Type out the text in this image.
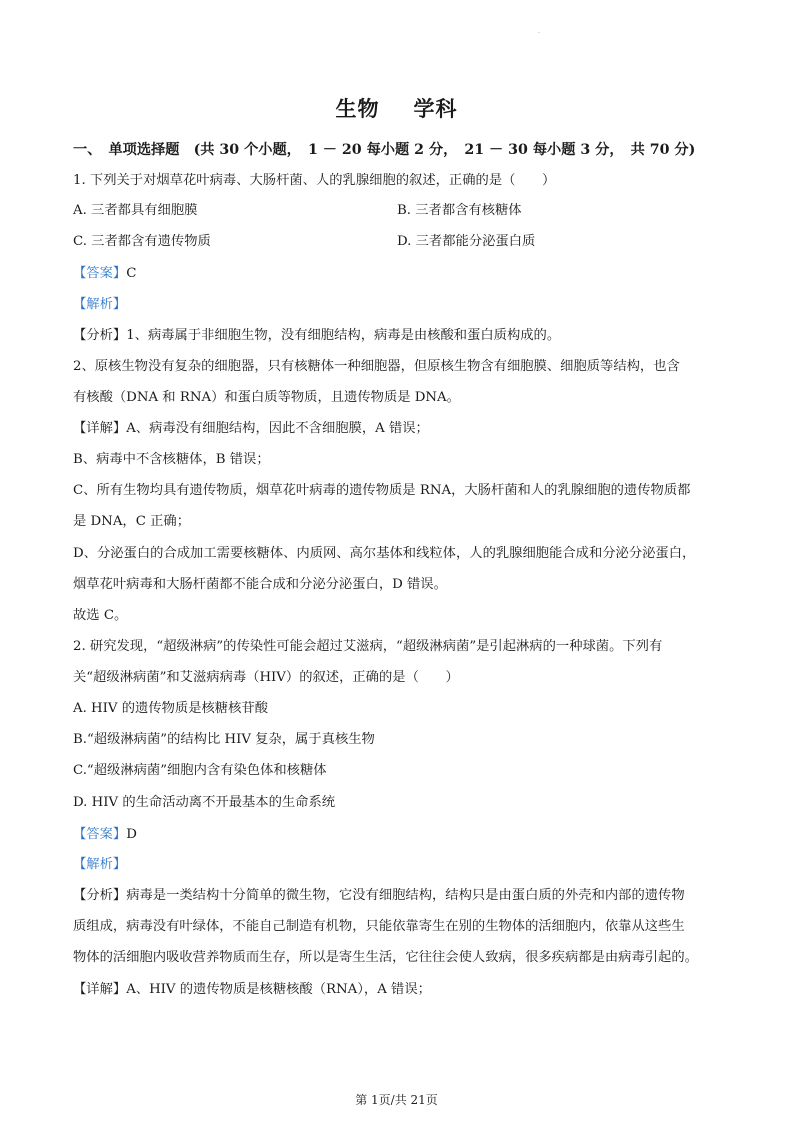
·
生物 学科
一、　单项选择题　(共 30 个小题，　1 － 20 每小题 2 分，　21 － 30 每小题 3 分，　共 70 分)
1. 下列关于对烟草花叶病毒、大肠杆菌、人的乳腺细胞的叙述，正确的是（　　）
A. 三者都具有细胞膜	B. 三者都含有核糖体
C. 三者都含有遗传物质	D. 三者都能分泌蛋白质
【答案】C
【解析】
【分析】1、病毒属于非细胞生物，没有细胞结构，病毒是由核酸和蛋白质构成的。
2、原核生物没有复杂的细胞器，只有核糖体一种细胞器，但原核生物含有细胞膜、细胞质等结构，也含
有核酸（DNA 和 RNA）和蛋白质等物质，且遗传物质是 DNA。
【详解】A、病毒没有细胞结构，因此不含细胞膜，A 错误；
B、病毒中不含核糖体，B 错误；
C、所有生物均具有遗传物质，烟草花叶病毒的遗传物质是 RNA，大肠杆菌和人的乳腺细胞的遗传物质都
是 DNA，C 正确；
D、分泌蛋白的合成加工需要核糖体、内质网、高尔基体和线粒体，人的乳腺细胞能合成和分泌分泌蛋白，
烟草花叶病毒和大肠杆菌都不能合成和分泌分泌蛋白，D 错误。
故选 C。
2. 研究发现，“超级淋病”的传染性可能会超过艾滋病，“超级淋病菌”是引起淋病的一种球菌。下列有
关“超级淋病菌”和艾滋病病毒（HIV）的叙述，正确的是（　　）
A. HIV 的遗传物质是核糖核苷酸
B.“超级淋病菌”的结构比 HIV 复杂，属于真核生物
C.“超级淋病菌”细胞内含有染色体和核糖体
D. HIV 的生命活动离不开最基本的生命系统
【答案】D
【解析】
【分析】病毒是一类结构十分简单的微生物，它没有细胞结构，结构只是由蛋白质的外壳和内部的遗传物
质组成，病毒没有叶绿体，不能自己制造有机物，只能依靠寄生在别的生物体的活细胞内，依靠从这些生
物体的活细胞内吸收营养物质而生存，所以是寄生生活，它往往会使人致病，很多疾病都是由病毒引起的。
【详解】A、HIV 的遗传物质是核糖核酸（RNA），A 错误；
第 1页/共 21页
